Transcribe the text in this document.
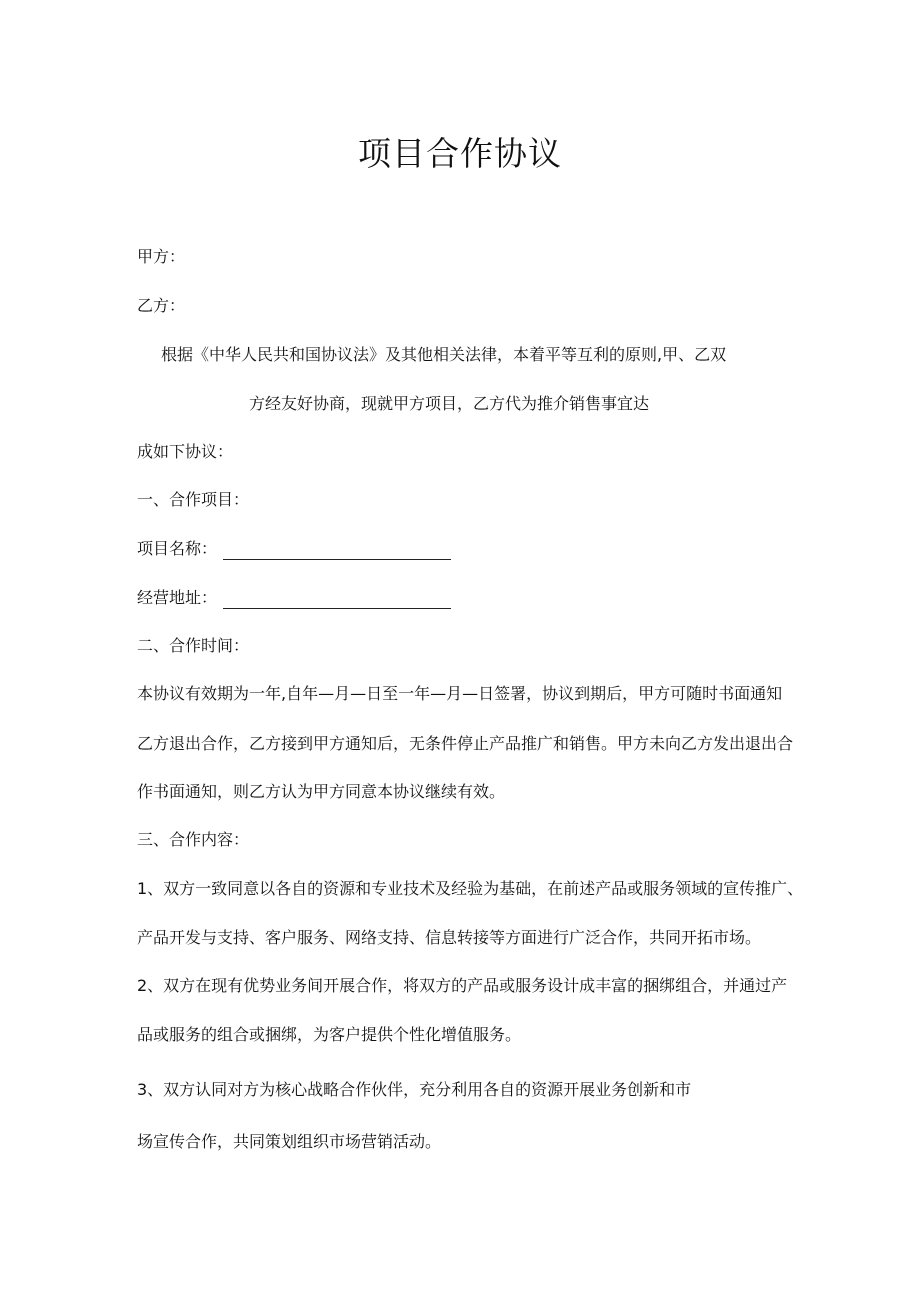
项目合作协议
甲方：
乙方：
根据《中华人民共和国协议法》及其他相关法律，本着平等互利的原则,甲、乙双
方经友好协商，现就甲方项目，乙方代为推介销售事宜达
成如下协议：
一、合作项目：
项目名称：
经营地址：
二、合作时间：
本协议有效期为一年,自年—月—日至一年—月—日签署，协议到期后，甲方可随时书面通知
乙方退出合作，乙方接到甲方通知后，无条件停止产品推广和销售。甲方未向乙方发出退出合
作书面通知，则乙方认为甲方同意本协议继续有效。
三、合作内容：
1、双方一致同意以各自的资源和专业技术及经验为基础，在前述产品或服务领域的宣传推广、
产品开发与支持、客户服务、网络支持、信息转接等方面进行广泛合作，共同开拓市场。
2、双方在现有优势业务间开展合作，将双方的产品或服务设计成丰富的捆绑组合，并通过产
品或服务的组合或捆绑，为客户提供个性化增值服务。
3、双方认同对方为核心战略合作伙伴，充分利用各自的资源开展业务创新和市
场宣传合作，共同策划组织市场营销活动。
